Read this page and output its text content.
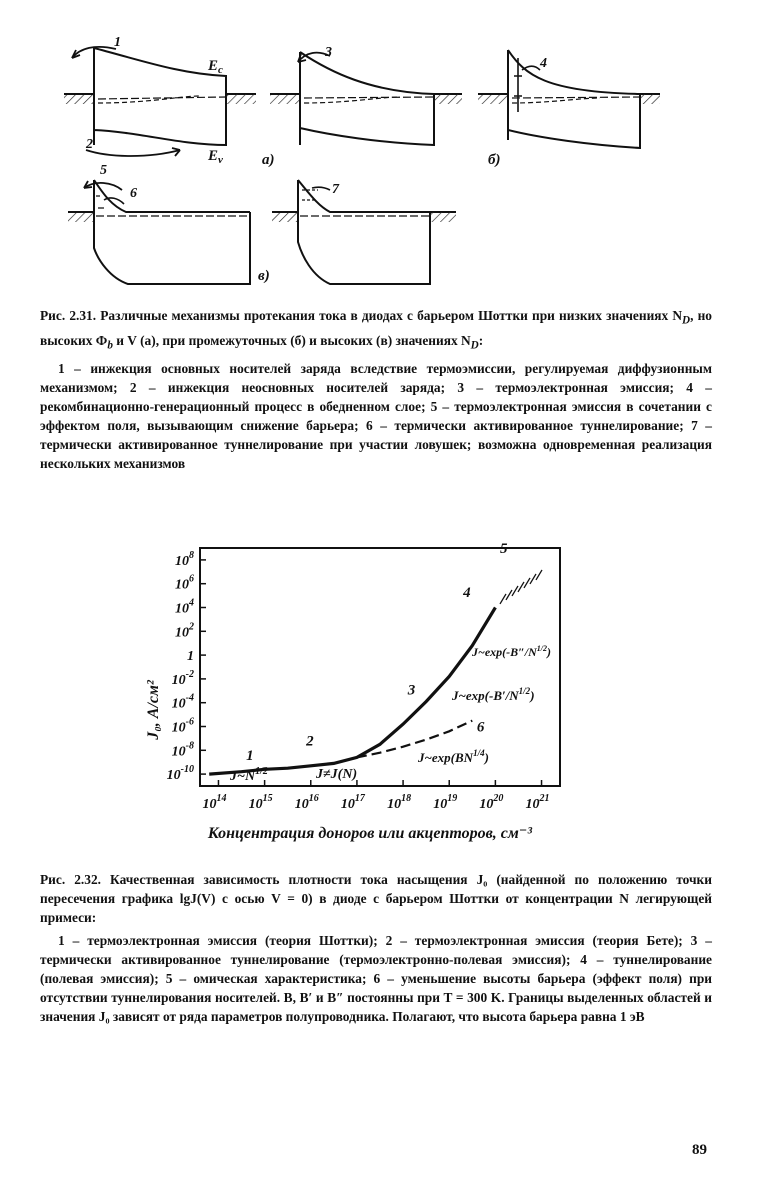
1
2
3
4
5
6	7
$E_c$
$E_v$	а)	б)
в)

Рис. 2.31. Различные механизмы протекания тока в диодах с барьером Шоттки при низких значениях $N_D$, но высоких $Ф_b$ и V (а), при промежуточных (б) и высоких (в) значениях $N_D$:

1 – инжекция основных носителей заряда вследствие термоэмиссии, регулируемая диффузионным механизмом; 2 – инжекция неосновных носителей заряда; 3 – термоэлектронная эмиссия; 4 – рекомбинационно-генерационный процесс в обедненном слое; 5 – термоэлектронная эмиссия в сочетании с эффектом поля, вызывающим снижение барьера; 6 – термически активированное туннелирование; 7 – термически активированное туннелирование при участии ловушек; возможна одновременная реализация нескольких механизмов

$10^8$
$10^6$
$10^4$
$10^2$
1
$10^{-2}$
$10^{-4}$
$10^{-6}$
$10^{-8}$
$10^{-10}$
$10^{14}$ $10^{15}$ $10^{16}$ $10^{17}$ $10^{18}$ $10^{19}$ $10^{20}$ $10^{21}$
1
2
3
4
5
6
J₀, А/см²
Концентрация доноров или акцепторов, см⁻³
$J\sim N^{1/2}$	J≠J(N)
$J\sim\exp(BN^{1/4})$
$J\sim\exp(-B'/N^{1/2})$
$J\sim\exp(-B''/N^{1/2})$

Рис. 2.32. Качественная зависимость плотности тока насыщения J₀ (найденной по положению точки пересечения графика lgJ(V) с осью V = 0) в диоде с барьером Шоттки от концентрации N легирующей примеси:

1 – термоэлектронная эмиссия (теория Шоттки); 2 – термоэлектронная эмиссия (теория Бете); 3 – термически активированное туннелирование (термоэлектронно-полевая эмиссия); 4 – туннелирование (полевая эмиссия); 5 – омическая характеристика; 6 – уменьшение высоты барьера (эффект поля) при отсутствии туннелирования носителей. B, B′ и B″ постоянны при T = 300 K. Границы выделенных областей и значения J₀ зависят от ряда параметров полупроводника. Полагают, что высота барьера равна 1 эВ

89
